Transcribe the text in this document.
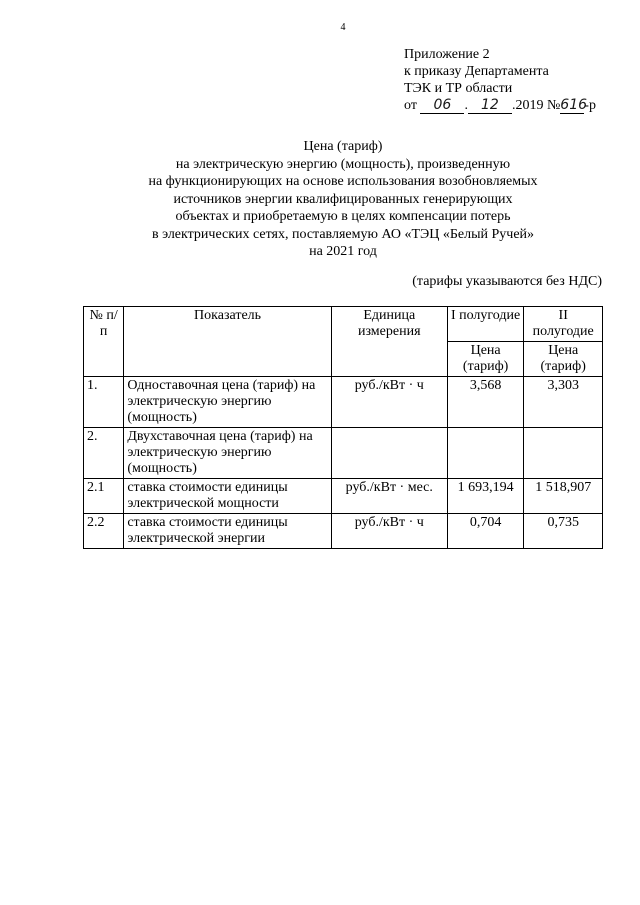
4
Приложение 2
к приказу Департамента
ТЭК и ТР области
от 06 . 12 .2019 №616-р
Цена (тариф)
на электрическую энергию (мощность), произведенную
на функционирующих на основе использования возобновляемых
источников энергии квалифицированных генерирующих
объектах и приобретаемую в целях компенсации потерь
в электрических сетях, поставляемую АО «ТЭЦ «Белый Ручей»
на 2021 год
(тарифы указываются без НДС)
№ п/п	Показатель	Единица измерения	I полугодие	II полугодие
			Цена (тариф)	Цена (тариф)
1.	Одноставочная цена (тариф) на электрическую энергию (мощность)	руб./кВт · ч	3,568	3,303
2.	Двухставочная цена (тариф) на электрическую энергию (мощность)			
2.1	ставка стоимости единицы электрической мощности	руб./кВт · мес.	1 693,194	1 518,907
2.2	ставка стоимости единицы электрической энергии	руб./кВт · ч	0,704	0,735
